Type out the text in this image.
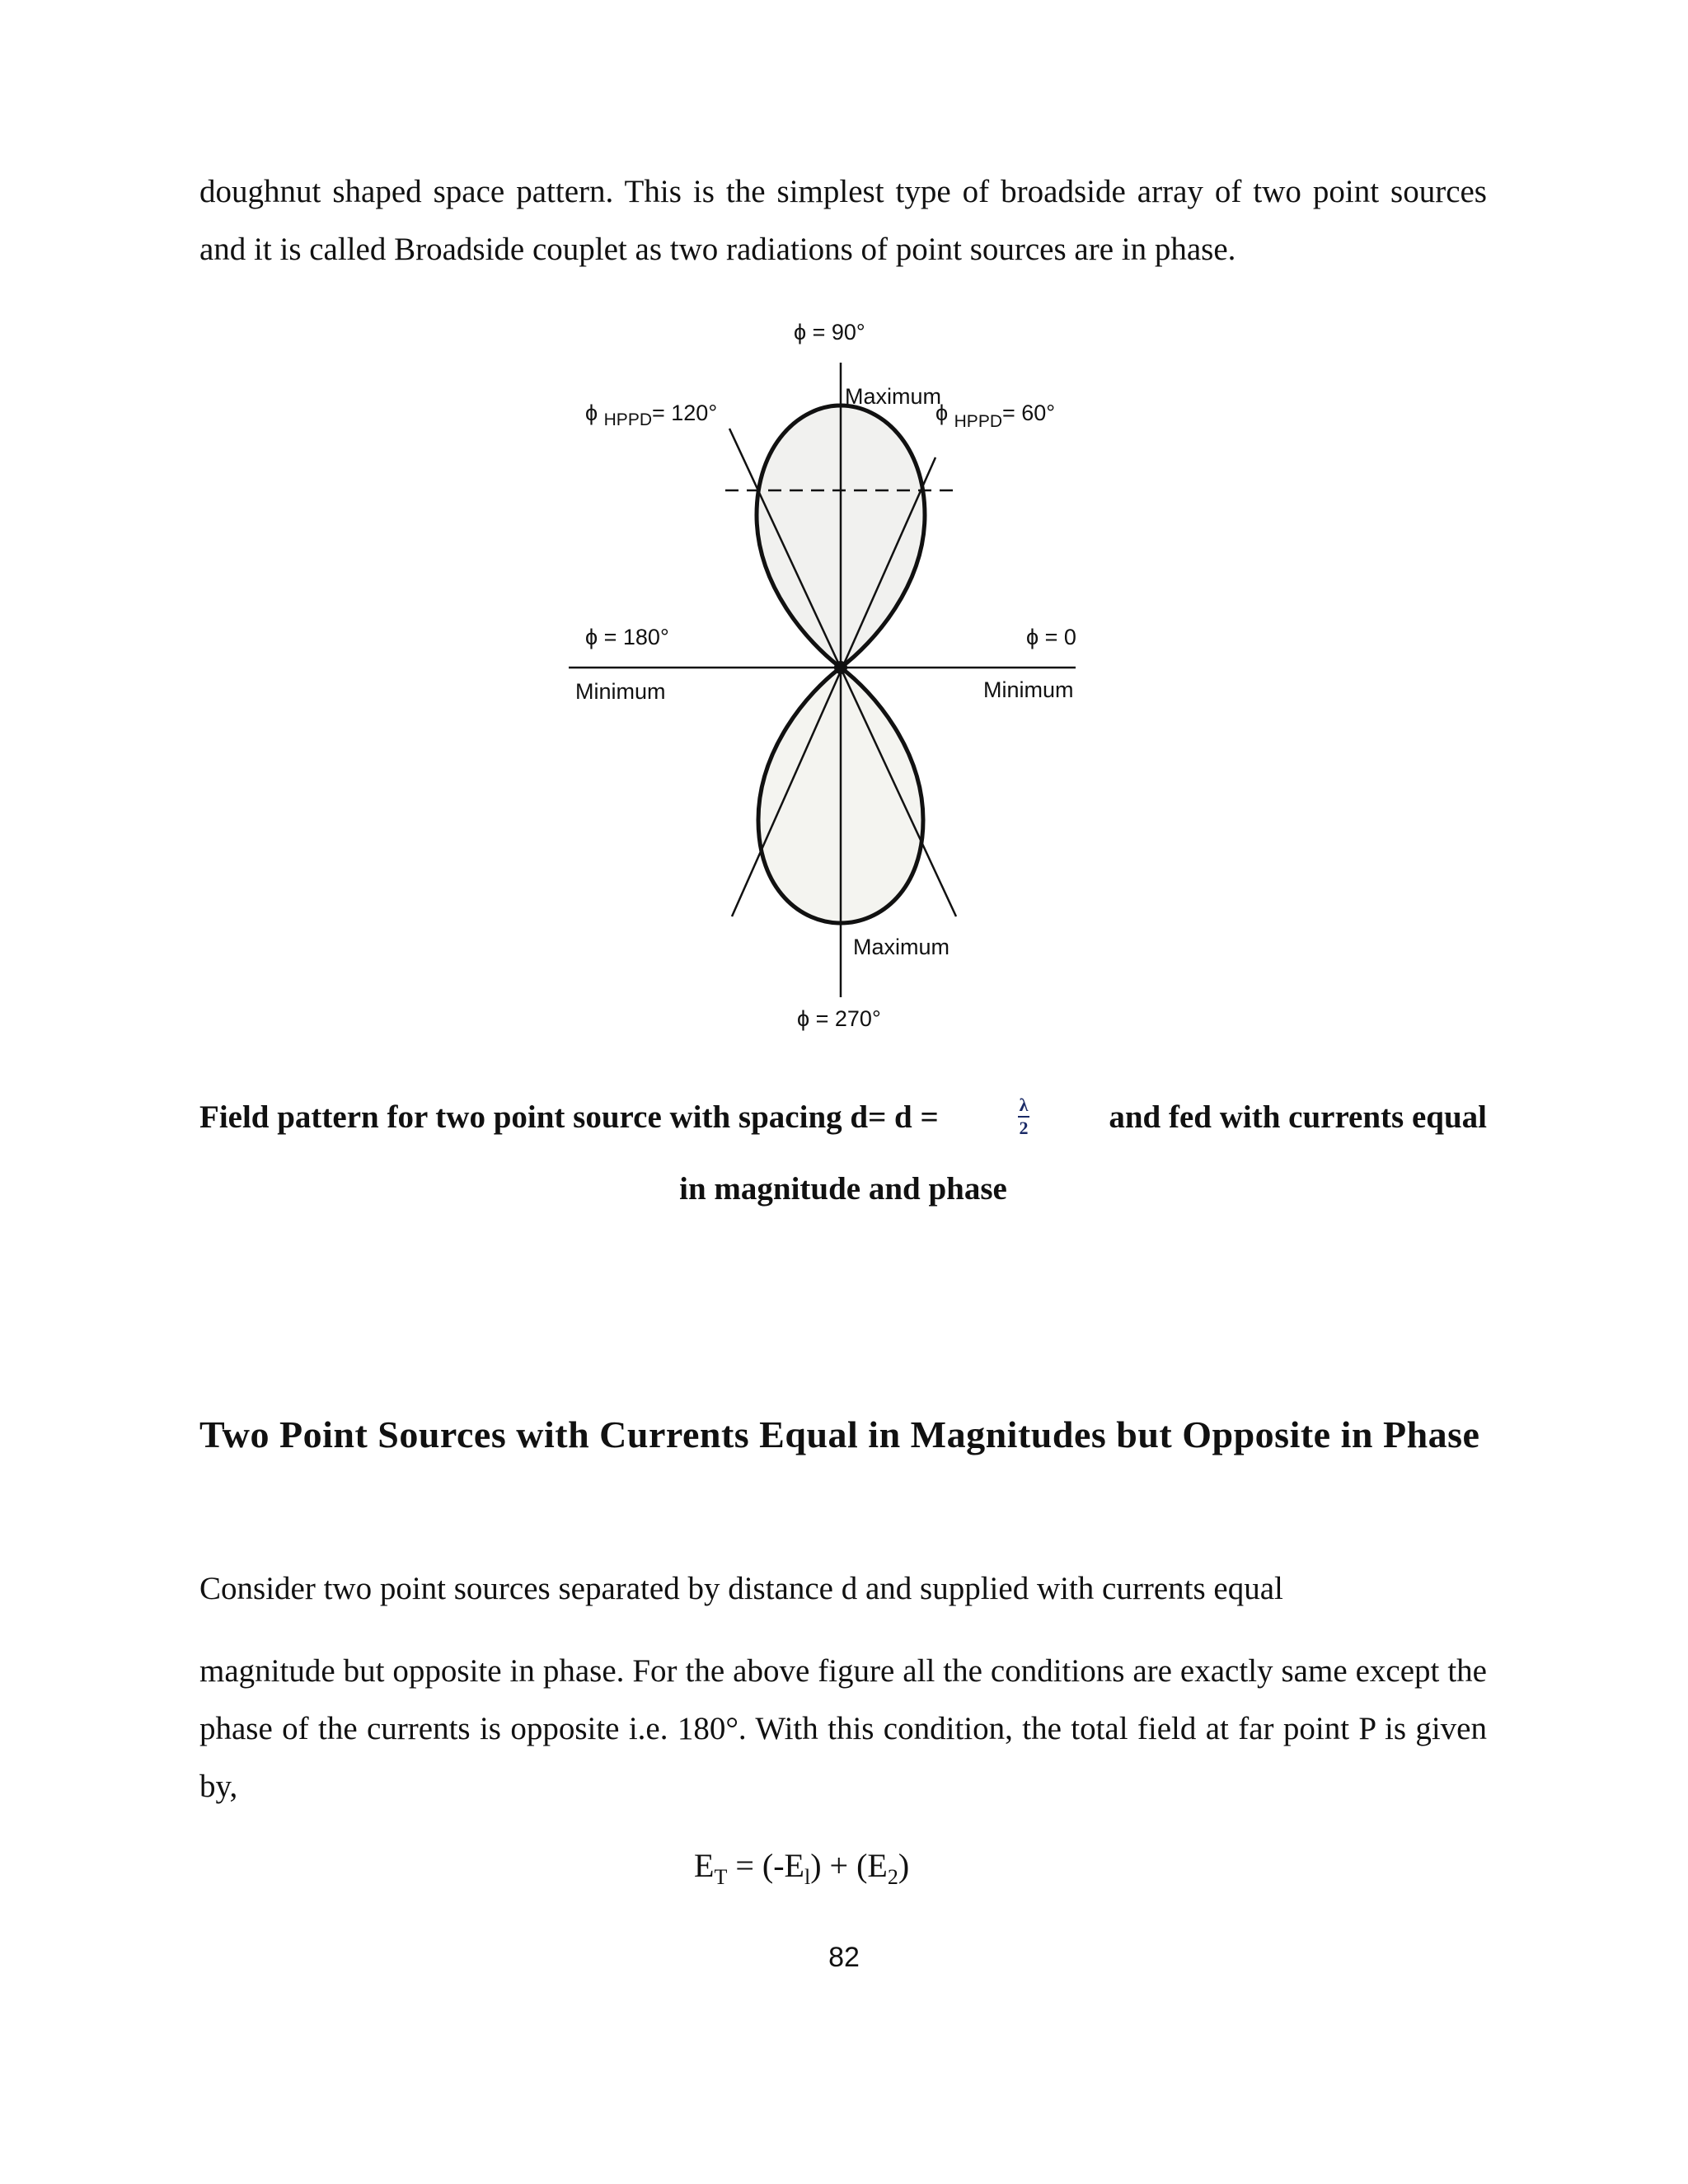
doughnut shaped space pattern. This is the simplest type of broadside array of two point sources and it is called Broadside couplet as two radiations of point sources are in phase.

ϕ = 90°
Maximum
ϕ $_{HPPD}$= 120°	ϕ $_{HPPD}$= 60°
ϕ = 180°	ϕ = 0
Minimum	Minimum
Maximum
ϕ = 270°
Field pattern for two point source with spacing d= d =	$\frac{\lambda}{2}$ and fed with currents equal

in magnitude and phase

Two Point Sources with Currents Equal in Magnitudes but Opposite in Phase

Consider two point sources separated by distance d and supplied with currents equal

magnitude but opposite in phase. For the above figure all the conditions are exactly same except the phase of the currents is opposite i.e. 180°. With this condition, the total field at far point P is given by,

$E_T = (-E_l) + (E_2)$

82
